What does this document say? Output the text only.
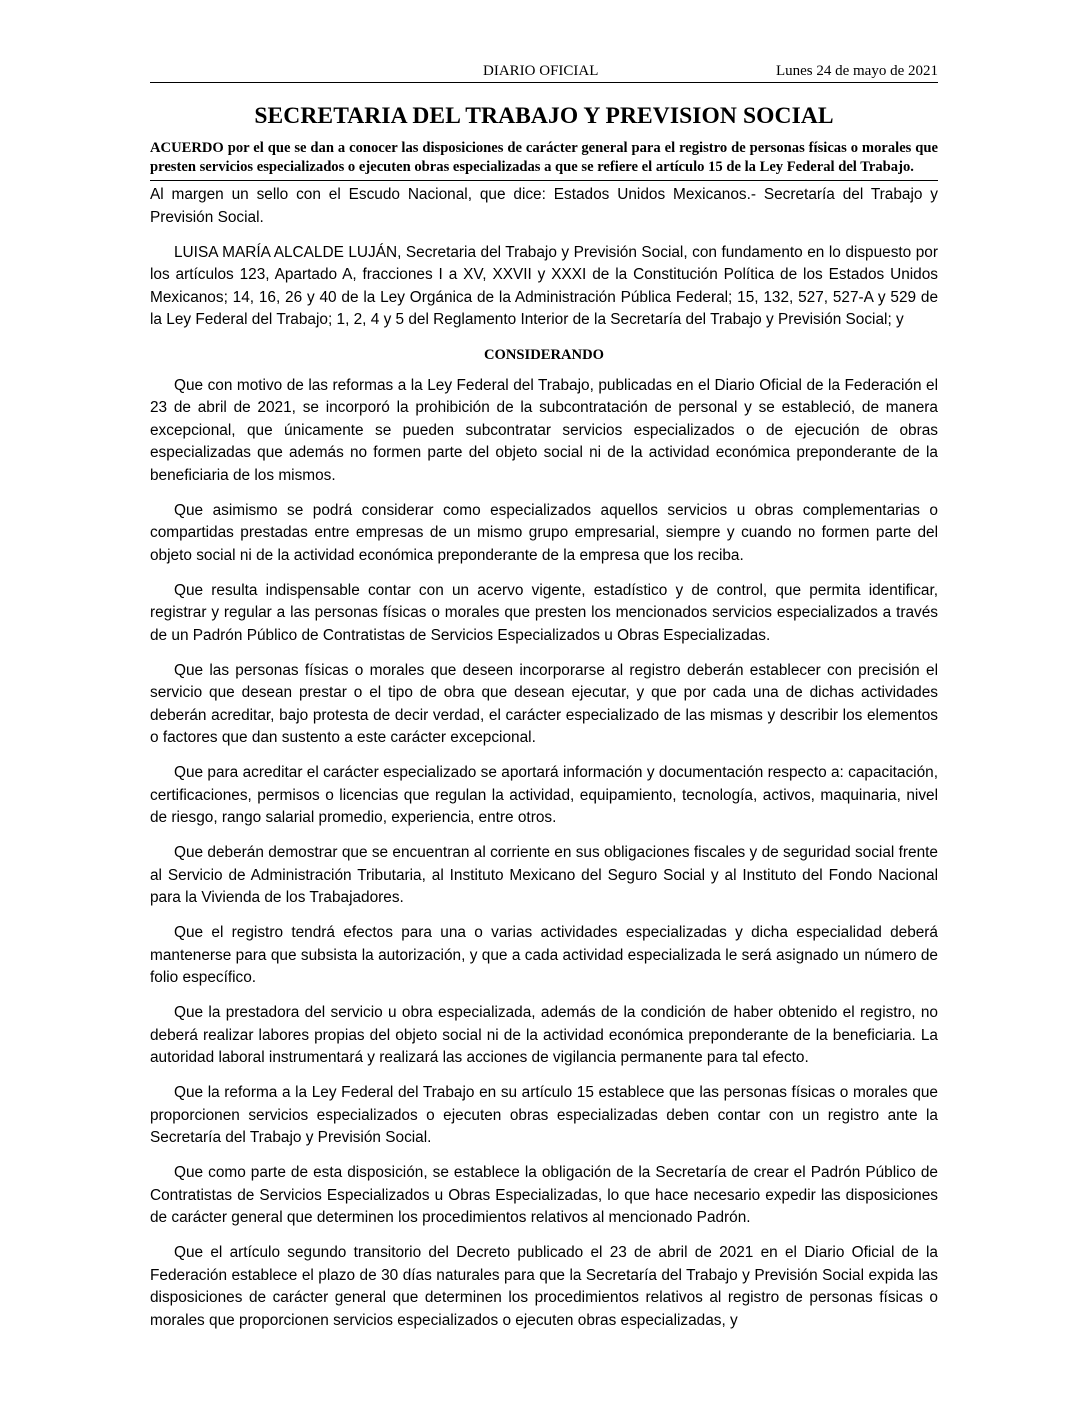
DIARIO OFICIAL	Lunes 24 de mayo de 2021
SECRETARIA DEL TRABAJO Y PREVISION SOCIAL

ACUERDO por el que se dan a conocer las disposiciones de carácter general para el registro de personas físicas o morales que presten servicios especializados o ejecuten obras especializadas a que se refiere el artículo 15 de la Ley Federal del Trabajo.

Al margen un sello con el Escudo Nacional, que dice: Estados Unidos Mexicanos.- Secretaría del Trabajo y Previsión Social.

LUISA MARÍA ALCALDE LUJÁN, Secretaria del Trabajo y Previsión Social, con fundamento en lo dispuesto por los artículos 123, Apartado A, fracciones I a XV, XXVII y XXXI de la Constitución Política de los Estados Unidos Mexicanos; 14, 16, 26 y 40 de la Ley Orgánica de la Administración Pública Federal; 15, 132, 527, 527-A y 529 de la Ley Federal del Trabajo; 1, 2, 4 y 5 del Reglamento Interior de la Secretaría del Trabajo y Previsión Social; y

CONSIDERANDO

Que con motivo de las reformas a la Ley Federal del Trabajo, publicadas en el Diario Oficial de la Federación el 23 de abril de 2021, se incorporó la prohibición de la subcontratación de personal y se estableció, de manera excepcional, que únicamente se pueden subcontratar servicios especializados o de ejecución de obras especializadas que además no formen parte del objeto social ni de la actividad económica preponderante de la beneficiaria de los mismos.

Que asimismo se podrá considerar como especializados aquellos servicios u obras complementarias o compartidas prestadas entre empresas de un mismo grupo empresarial, siempre y cuando no formen parte del objeto social ni de la actividad económica preponderante de la empresa que los reciba.

Que resulta indispensable contar con un acervo vigente, estadístico y de control, que permita identificar, registrar y regular a las personas físicas o morales que presten los mencionados servicios especializados a través de un Padrón Público de Contratistas de Servicios Especializados u Obras Especializadas.

Que las personas físicas o morales que deseen incorporarse al registro deberán establecer con precisión el servicio que desean prestar o el tipo de obra que desean ejecutar, y que por cada una de dichas actividades deberán acreditar, bajo protesta de decir verdad, el carácter especializado de las mismas y describir los elementos o factores que dan sustento a este carácter excepcional.

Que para acreditar el carácter especializado se aportará información y documentación respecto a: capacitación, certificaciones, permisos o licencias que regulan la actividad, equipamiento, tecnología, activos, maquinaria, nivel de riesgo, rango salarial promedio, experiencia, entre otros.

Que deberán demostrar que se encuentran al corriente en sus obligaciones fiscales y de seguridad social frente al Servicio de Administración Tributaria, al Instituto Mexicano del Seguro Social y al Instituto del Fondo Nacional para la Vivienda de los Trabajadores.

Que el registro tendrá efectos para una o varias actividades especializadas y dicha especialidad deberá mantenerse para que subsista la autorización, y que a cada actividad especializada le será asignado un número de folio específico.

Que la prestadora del servicio u obra especializada, además de la condición de haber obtenido el registro, no deberá realizar labores propias del objeto social ni de la actividad económica preponderante de la beneficiaria. La autoridad laboral instrumentará y realizará las acciones de vigilancia permanente para tal efecto.

Que la reforma a la Ley Federal del Trabajo en su artículo 15 establece que las personas físicas o morales que proporcionen servicios especializados o ejecuten obras especializadas deben contar con un registro ante la Secretaría del Trabajo y Previsión Social.

Que como parte de esta disposición, se establece la obligación de la Secretaría de crear el Padrón Público de Contratistas de Servicios Especializados u Obras Especializadas, lo que hace necesario expedir las disposiciones de carácter general que determinen los procedimientos relativos al mencionado Padrón.

Que el artículo segundo transitorio del Decreto publicado el 23 de abril de 2021 en el Diario Oficial de la Federación establece el plazo de 30 días naturales para que la Secretaría del Trabajo y Previsión Social expida las disposiciones de carácter general que determinen los procedimientos relativos al registro de personas físicas o morales que proporcionen servicios especializados o ejecuten obras especializadas, y
